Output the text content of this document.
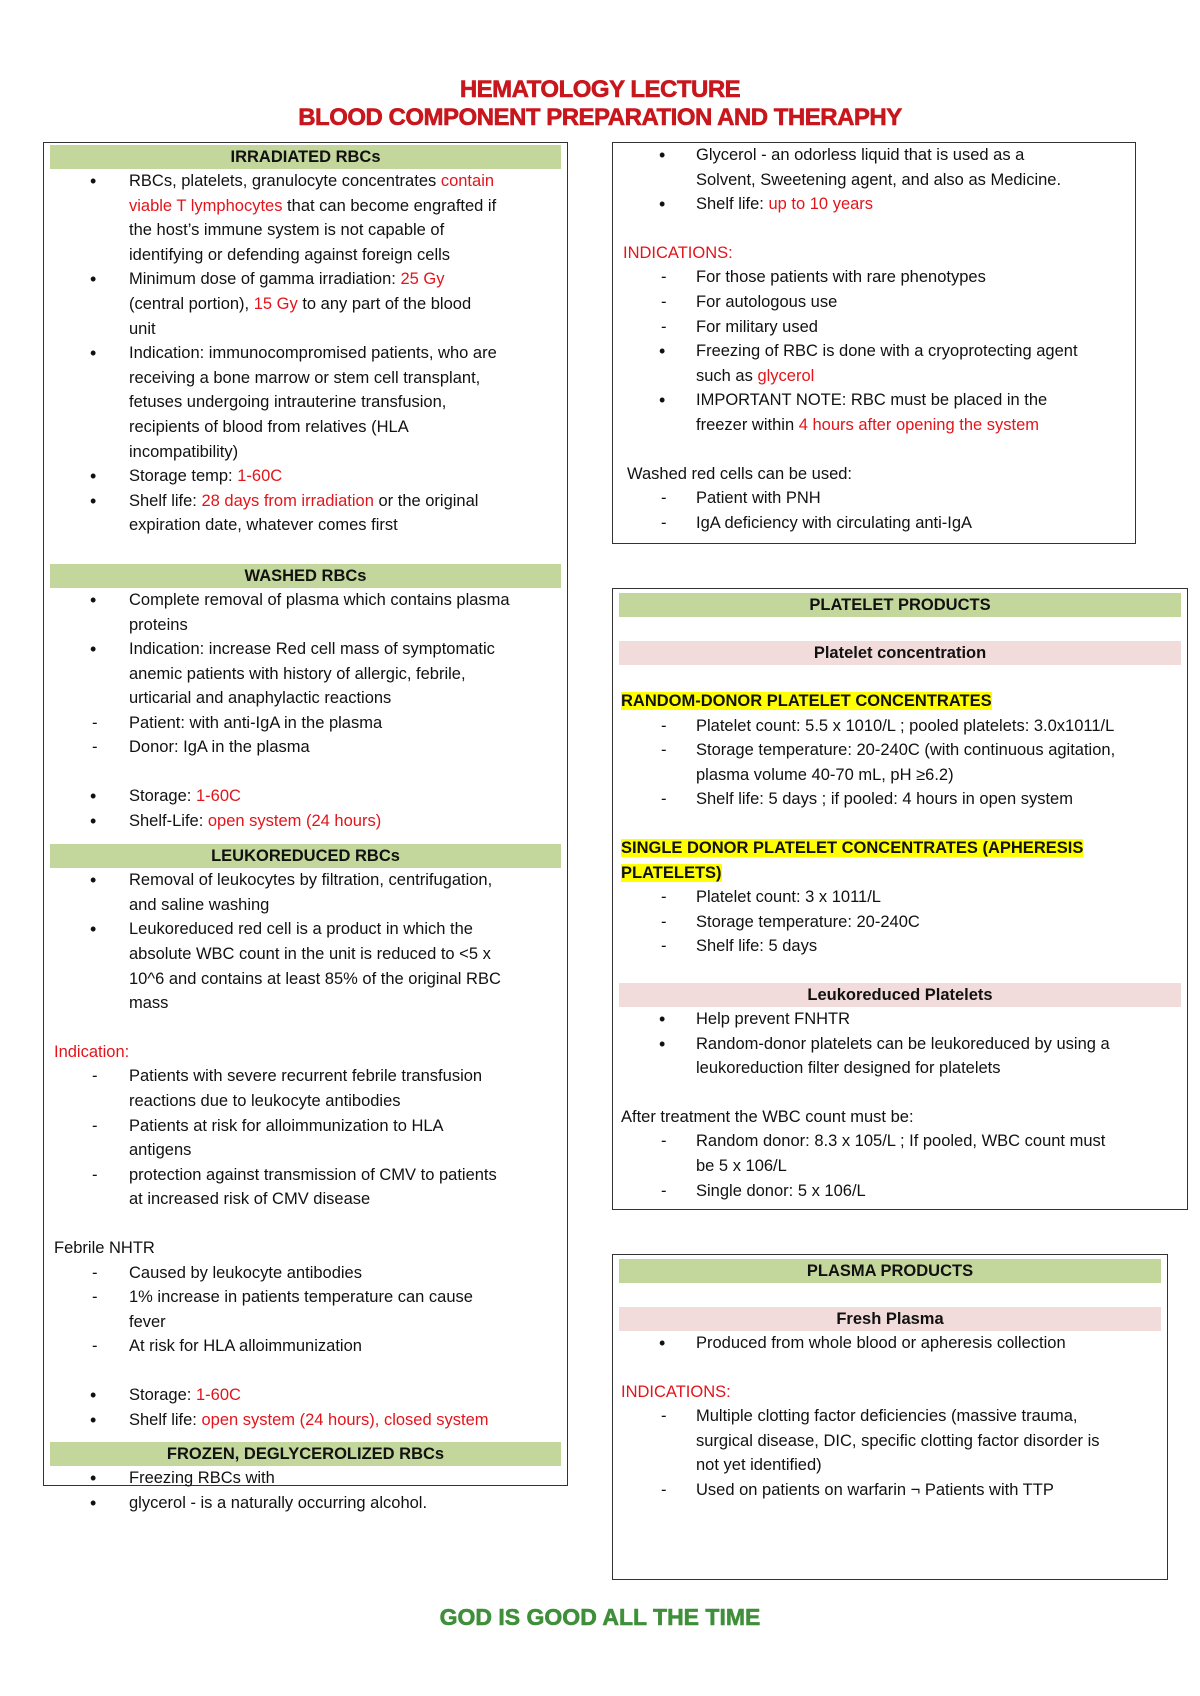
HEMATOLOGY LECTURE
BLOOD COMPONENT PREPARATION AND THERAPHY
IRRADIATED RBCs
• RBCs, platelets, granulocyte concentrates contain
viable T lymphocytes that can become engrafted if
the host’s immune system is not capable of
identifying or defending against foreign cells
• Minimum dose of gamma irradiation: 25 Gy
(central portion), 15 Gy to any part of the blood
unit
• Indication: immunocompromised patients, who are
receiving a bone marrow or stem cell transplant,
fetuses undergoing intrauterine transfusion,
recipients of blood from relatives (HLA
incompatibility)
• Storage temp: 1-60C
• Shelf life: 28 days from irradiation or the original
expiration date, whatever comes first
WASHED RBCs
• Complete removal of plasma which contains plasma
proteins
• Indication: increase Red cell mass of symptomatic
anemic patients with history of allergic, febrile,
urticarial and anaphylactic reactions
- Patient: with anti-IgA in the plasma
- Donor: IgA in the plasma
• Storage: 1-60C
• Shelf-Life: open system (24 hours)
LEUKOREDUCED RBCs
• Removal of leukocytes by filtration, centrifugation,
and saline washing
• Leukoreduced red cell is a product in which the
absolute WBC count in the unit is reduced to <5 x
10^6 and contains at least 85% of the original RBC
mass
Indication:
- Patients with severe recurrent febrile transfusion
reactions due to leukocyte antibodies
- Patients at risk for alloimmunization to HLA
antigens
- protection against transmission of CMV to patients
at increased risk of CMV disease
Febrile NHTR
- Caused by leukocyte antibodies
- 1% increase in patients temperature can cause
fever
- At risk for HLA alloimmunization
• Storage: 1-60C
• Shelf life: open system (24 hours), closed system
FROZEN, DEGLYCEROLIZED RBCs
• Freezing RBCs with
• glycerol - is a naturally occurring alcohol.
• Glycerol - an odorless liquid that is used as a
Solvent, Sweetening agent, and also as Medicine.
• Shelf life: up to 10 years
INDICATIONS:
- For those patients with rare phenotypes
- For autologous use
- For military used
• Freezing of RBC is done with a cryoprotecting agent
such as glycerol
• IMPORTANT NOTE: RBC must be placed in the
freezer within 4 hours after opening the system
Washed red cells can be used:
- Patient with PNH
- IgA deficiency with circulating anti-IgA
PLATELET PRODUCTS
Platelet concentration
RANDOM-DONOR PLATELET CONCENTRATES
- Platelet count: 5.5 x 1010/L ; pooled platelets: 3.0x1011/L
- Storage temperature: 20-240C (with continuous agitation,
plasma volume 40-70 mL, pH ≥6.2)
- Shelf life: 5 days ; if pooled: 4 hours in open system
SINGLE DONOR PLATELET CONCENTRATES (APHERESIS PLATELETS)
- Platelet count: 3 x 1011/L
- Storage temperature: 20-240C
- Shelf life: 5 days
Leukoreduced Platelets
• Help prevent FNHTR
• Random-donor platelets can be leukoreduced by using a
leukoreduction filter designed for platelets
After treatment the WBC count must be:
- Random donor: 8.3 x 105/L ; If pooled, WBC count must
be 5 x 106/L
- Single donor: 5 x 106/L
PLASMA PRODUCTS
Fresh Plasma
• Produced from whole blood or apheresis collection
INDICATIONS:
- Multiple clotting factor deficiencies (massive trauma,
surgical disease, DIC, specific clotting factor disorder is
not yet identified)
- Used on patients on warfarin ¬ Patients with TTP
GOD IS GOOD ALL THE TIME
